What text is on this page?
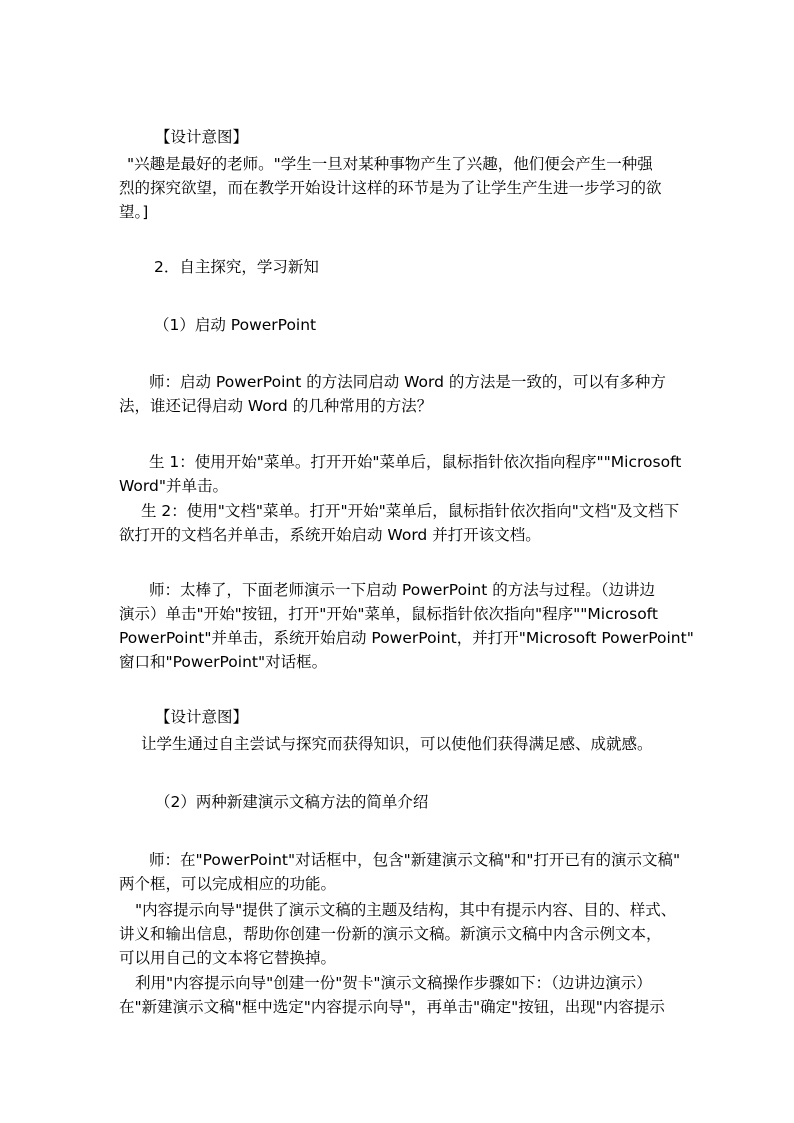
【设计意图】
"兴趣是最好的老师。"学生一旦对某种事物产生了兴趣，他们便会产生一种强
烈的探究欲望，而在教学开始设计这样的环节是为了让学生产生进一步学习的欲
望。]
2．自主探究，学习新知
（1）启动 PowerPoint
师：启动 PowerPoint 的方法同启动 Word 的方法是一致的，可以有多种方
法，谁还记得启动 Word 的几种常用的方法？
生 1：使用开始"菜单。打开开始"菜单后，鼠标指针依次指向程序""Microsoft
Word"并单击。
生 2：使用"文档"菜单。打开"开始"菜单后，鼠标指针依次指向"文档"及文档下
欲打开的文档名并单击，系统开始启动 Word 并打开该文档。
师：太棒了，下面老师演示一下启动 PowerPoint 的方法与过程。（边讲边
演示）单击"开始"按钮，打开"开始"菜单，鼠标指针依次指向"程序""Microsoft
PowerPoint"并单击，系统开始启动 PowerPoint，并打开"Microsoft PowerPoint"
窗口和"PowerPoint"对话框。
【设计意图】
让学生通过自主尝试与探究而获得知识，可以使他们获得满足感、成就感。
（2）两种新建演示文稿方法的简单介绍
师：在"PowerPoint"对话框中，包含"新建演示文稿"和"打开已有的演示文稿"
两个框，可以完成相应的功能。
"内容提示向导"提供了演示文稿的主题及结构，其中有提示内容、目的、样式、
讲义和输出信息，帮助你创建一份新的演示文稿。新演示文稿中内含示例文本，
可以用自己的文本将它替换掉。
利用"内容提示向导"创建一份"贺卡"演示文稿操作步骤如下：（边讲边演示）
在"新建演示文稿"框中选定"内容提示向导"，再单击"确定"按钮，出现"内容提示
